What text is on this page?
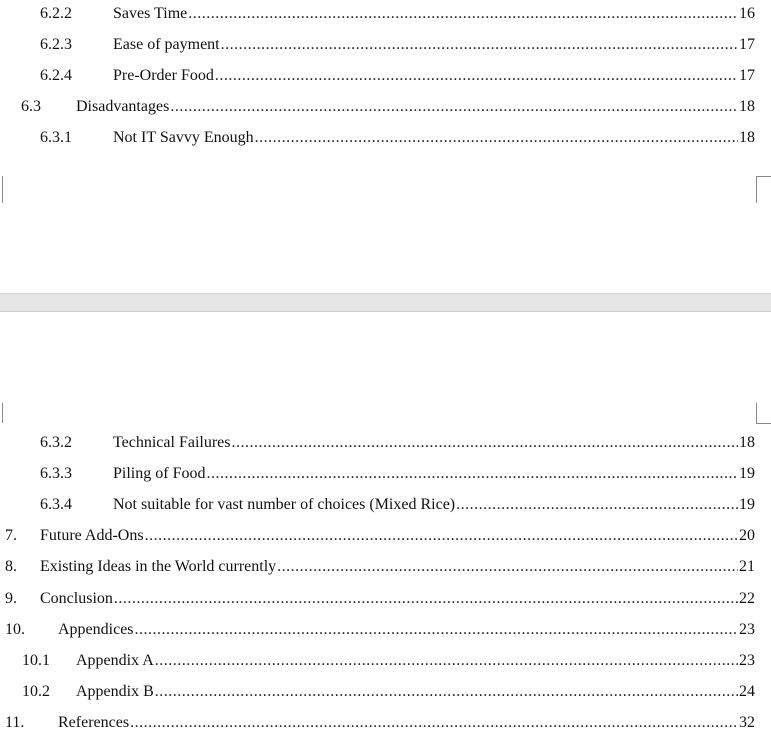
6.2.2	Saves Time .....	16
6.2.3	Ease of payment .....	17
6.2.4	Pre-Order Food .....	17
6.3	Disadvantages .....	18
6.3.1	Not IT Savvy Enough .....	18
6.3.2	Technical Failures .....	18
6.3.3	Piling of Food .....	19
6.3.4	Not suitable for vast number of choices (Mixed Rice) .....	19
7.	Future Add-Ons .....	20
8.	Existing Ideas in the World currently .....	21
9.	Conclusion .....	22
10.	Appendices .....	23
10.1	Appendix A .....	23
10.2	Appendix B .....	24
11.	References .....	32
